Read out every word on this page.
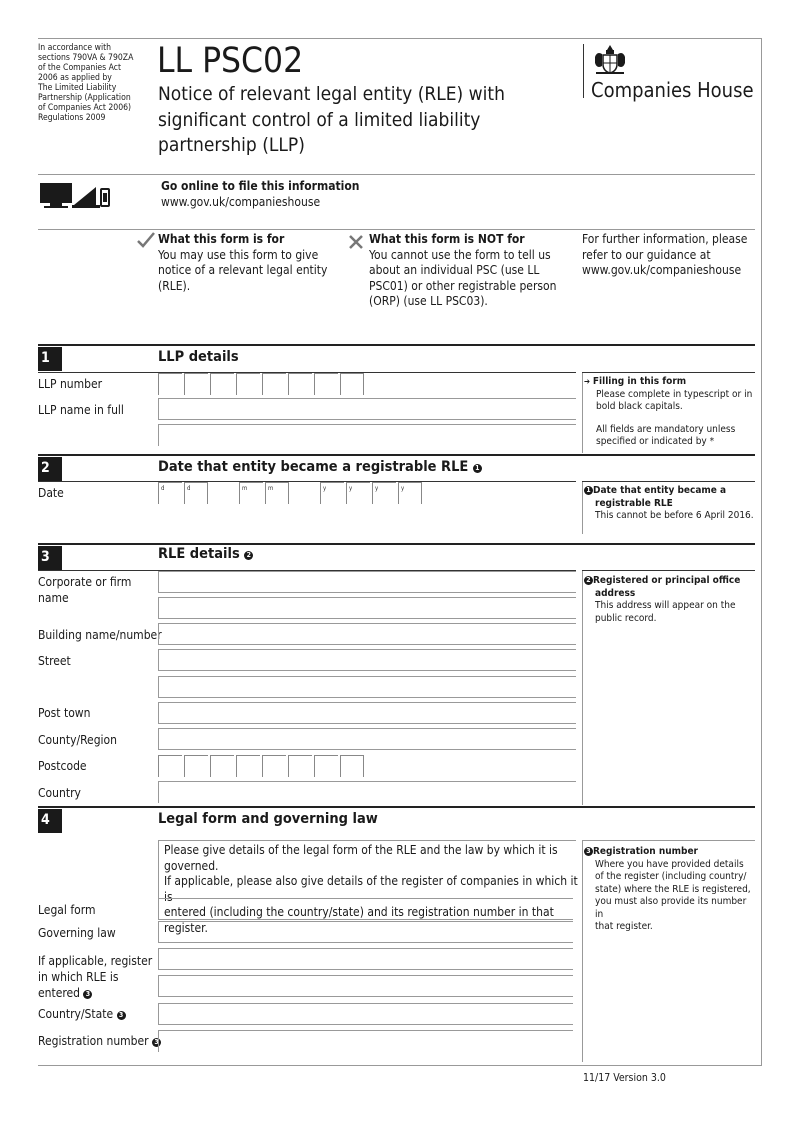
In accordance with
sections 790VA & 790ZA
of the Companies Act
2006 as applied by
The Limited Liability
Partnership (Application
of Companies Act 2006)
Regulations 2009
LL PSC02
Notice of relevant legal entity (RLE) with
significant control of a limited liability
partnership (LLP)
Companies House
Go online to file this information
www.gov.uk/companieshouse
What this form is for
You may use this form to give
notice of a relevant legal entity
(RLE).
What this form is NOT for
You cannot use the form to tell us
about an individual PSC (use LL
PSC01) or other registrable person
(ORP) (use LL PSC03).
For further information, please
refer to our guidance at
www.gov.uk/companieshouse
1	LLP details
LLP number
LLP name in full
➔ Filling in this form
Please complete in typescript or in
bold black capitals.
All fields are mandatory unless
specified or indicated by *
2	Date that entity became a registrable RLE 1
Date	d	d	m	m	y	y	y	y	1 Date that entity became a
registrable RLE
This cannot be before 6 April 2016.
3	RLE details 2
Corporate or firm
name
Building name/number
Street
Post town
County/Region
Postcode
Country
2 Registered or principal office
address
This address will appear on the
public record.
4	Legal form and governing law
Please give details of the legal form of the RLE and the law by which it is governed.
If applicable, please also give details of the register of companies in which it is
entered (including the country/state) and its registration number in that register.
Legal form
Governing law
If applicable, register
in which RLE is
entered 3
Country/State 3
Registration number 3
3 Registration number
Where you have provided details
of the register (including country/
state) where the RLE is registered,
you must also provide its number in
that register.
11/17 Version 3.0
